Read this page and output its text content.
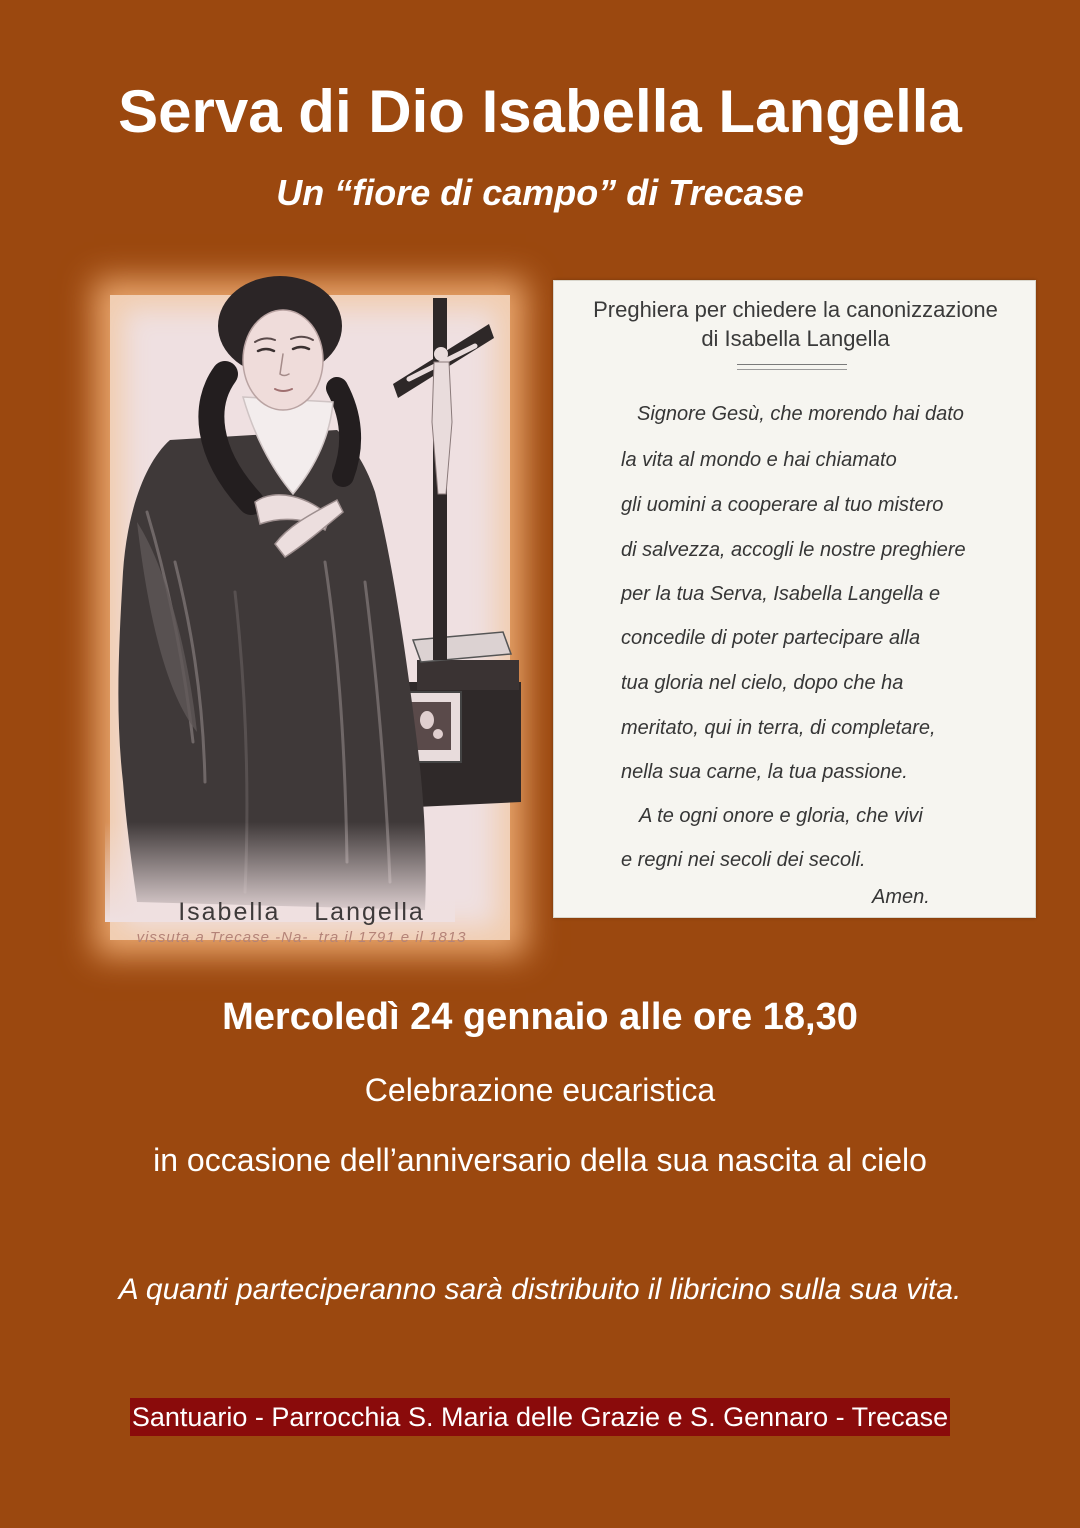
Serva di Dio Isabella Langella
Un “fiore di campo” di Trecase
Isabella  Langella
vissuta a Trecase -Na-  tra il 1791 e il 1813
Preghiera per chiedere la canonizzazione
di Isabella Langella
Signore Gesù, che morendo hai dato
la vita al mondo e hai chiamato
gli uomini a cooperare al tuo mistero
di salvezza, accogli le nostre preghiere
per la tua Serva, Isabella Langella e
concedile di poter partecipare alla
tua gloria nel cielo, dopo che ha
meritato, qui in terra, di completare,
nella sua carne, la tua passione.
A te ogni onore e gloria, che vivi
e regni nei secoli dei secoli.
Amen.
Mercoledì 24 gennaio alle ore 18,30
Celebrazione eucaristica
in occasione dell’anniversario della sua nascita al cielo
A quanti parteciperanno sarà distribuito il libricino sulla sua vita.
Santuario - Parrocchia S. Maria delle Grazie e S. Gennaro - Trecase
